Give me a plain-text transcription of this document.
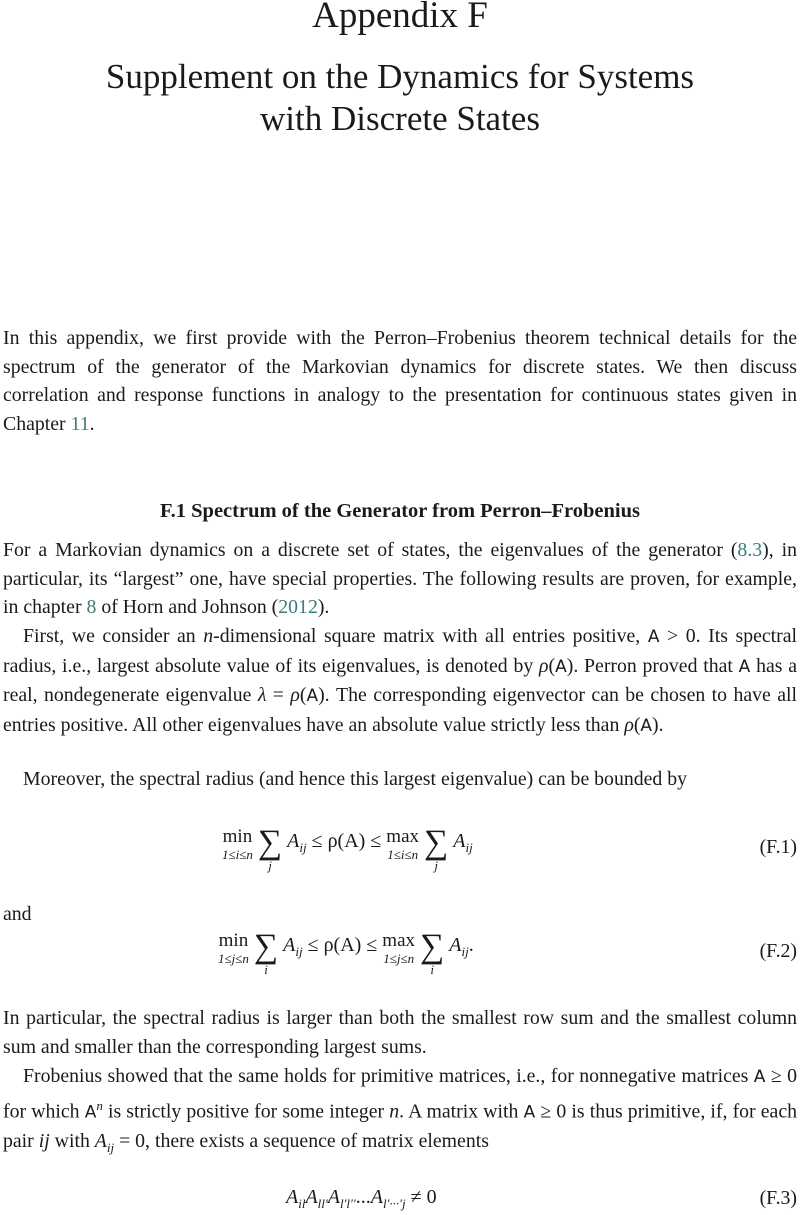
Appendix F
Supplement on the Dynamics for Systems
with Discrete States
In this appendix, we first provide with the Perron–Frobenius theorem technical details for the spectrum of the generator of the Markovian dynamics for discrete states. We then discuss correlation and response functions in analogy to the presentation for continuous states given in Chapter 11.
F.1 Spectrum of the Generator from Perron–Frobenius
For a Markovian dynamics on a discrete set of states, the eigenvalues of the generator (8.3), in particular, its “largest” one, have special properties. The following results are proven, for example, in chapter 8 of Horn and Johnson (2012).
First, we consider an n-dimensional square matrix with all entries positive, A > 0. Its spectral radius, i.e., largest absolute value of its eigenvalues, is denoted by ρ(A). Perron proved that A has a real, nondegenerate eigenvalue λ = ρ(A). The corresponding eigenvector can be chosen to have all entries positive. All other eigenvalues have an absolute value strictly less than ρ(A).
Moreover, the spectral radius (and hence this largest eigenvalue) can be bounded by
min
1≤i≤n
∑
j
$A_{ij} \le \rho(A) \le \max$
1≤i≤n
∑
j
$A_{ij}$	(F.1)
and
min
1≤j≤n
∑
i
$A_{ij} \le \rho(A) \le \max$
1≤j≤n
∑
i
$A_{ij}$.	(F.2)
In particular, the spectral radius is larger than both the smallest row sum and the smallest column sum and smaller than the corresponding largest sums.
Frobenius showed that the same holds for primitive matrices, i.e., for nonnegative matrices A ≥ 0 for which $A^n$ is strictly positive for some integer n. A matrix with A ≥ 0 is thus primitive, if, for each pair ij with $A_{ij} = 0$, there exists a sequence of matrix elements
$A_{il}A_{ll'}A_{l'l''}...A_{l'\cdot\cdot\cdot'j} \ne 0$	(F.3)
